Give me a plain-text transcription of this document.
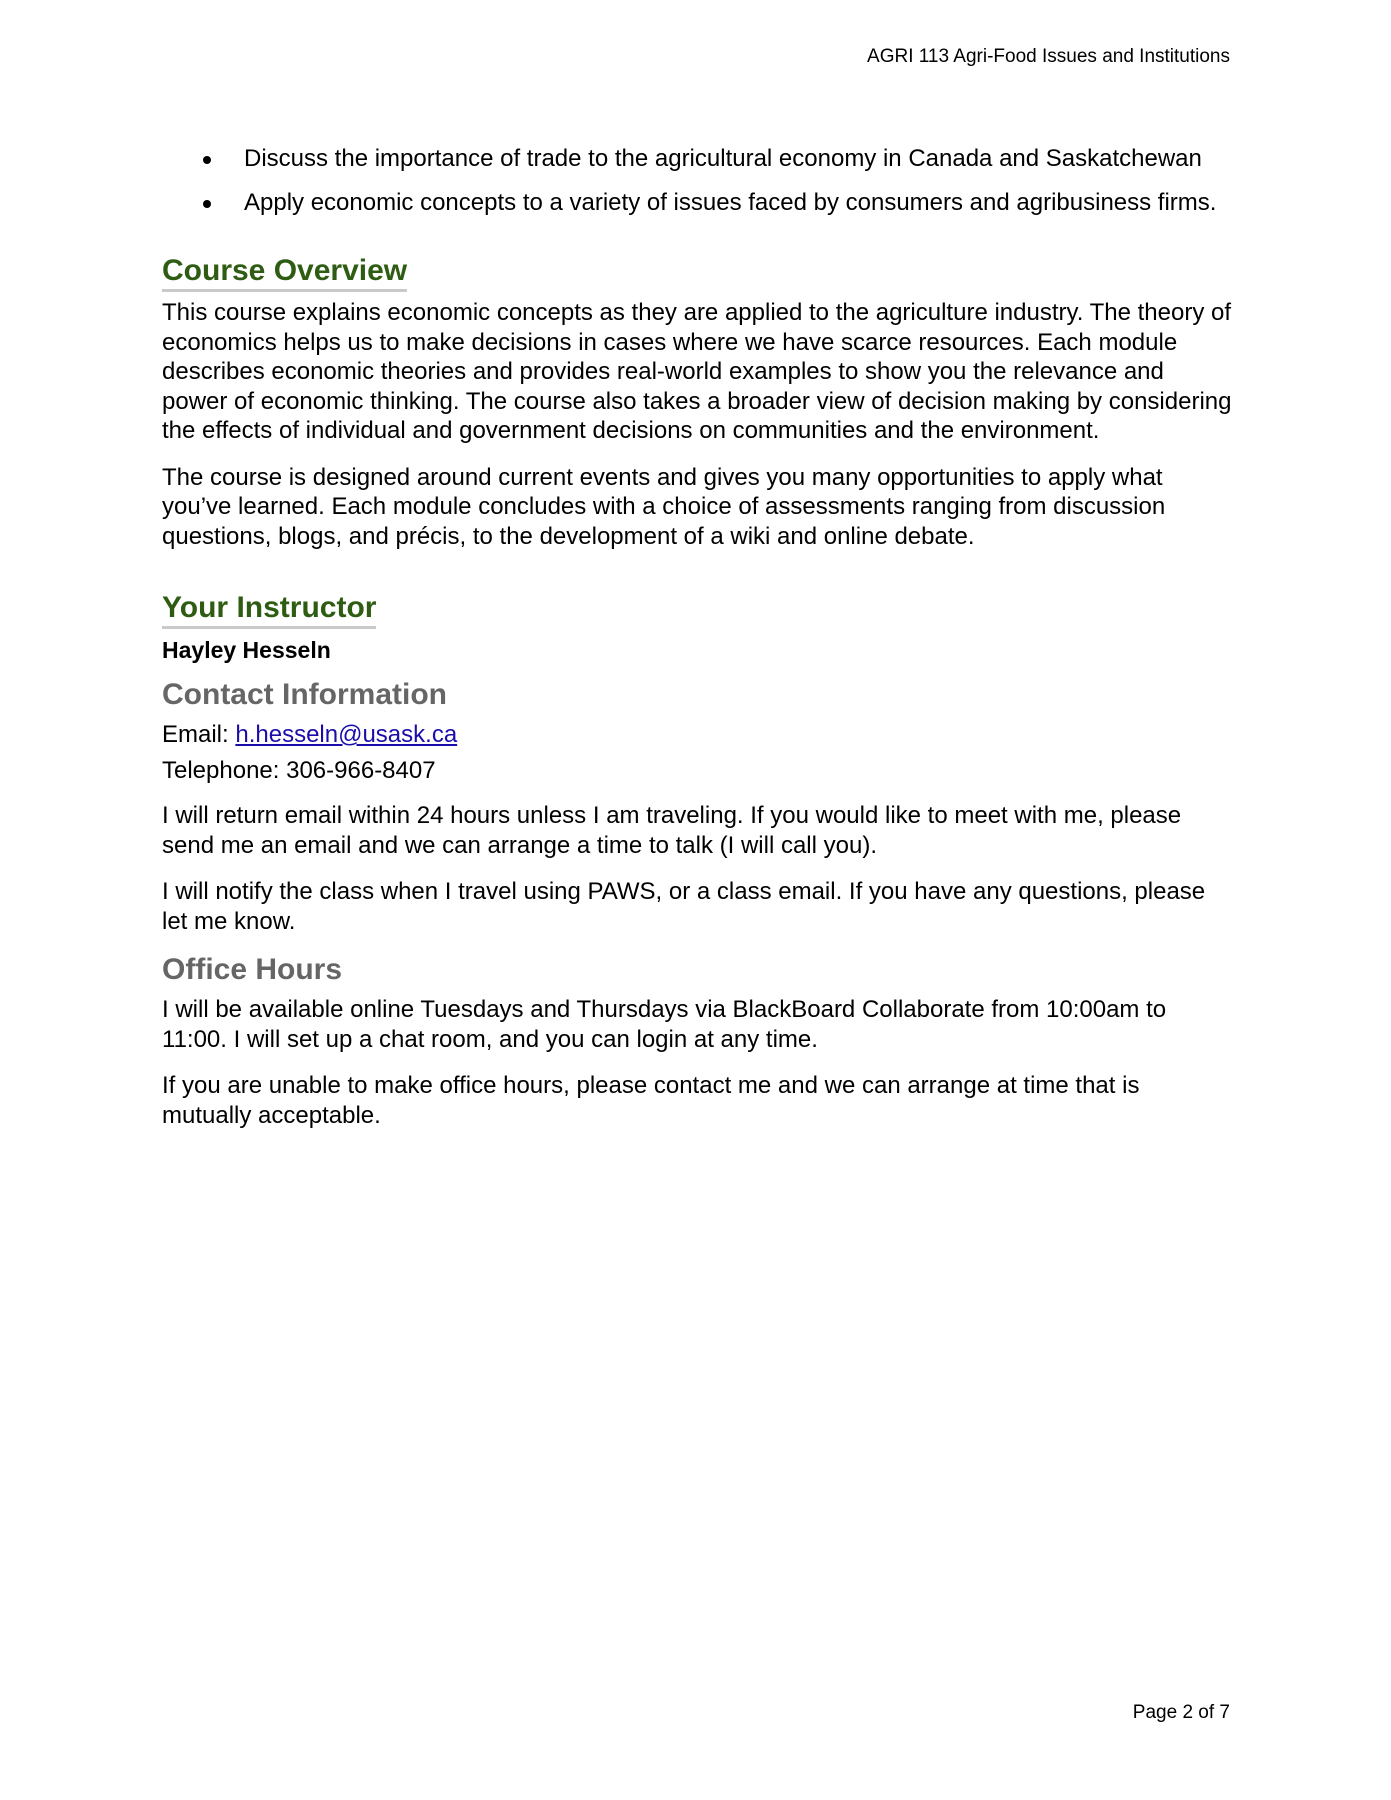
AGRI 113 Agri-Food Issues and Institutions
Discuss the importance of trade to the agricultural economy in Canada and Saskatchewan
Apply economic concepts to a variety of issues faced by consumers and agribusiness firms.
Course Overview

This course explains economic concepts as they are applied to the agriculture industry. The theory of economics helps us to make decisions in cases where we have scarce resources. Each module describes economic theories and provides real-world examples to show you the relevance and power of economic thinking. The course also takes a broader view of decision making by considering the effects of individual and government decisions on communities and the environment.

The course is designed around current events and gives you many opportunities to apply what you’ve learned. Each module concludes with a choice of assessments ranging from discussion questions, blogs, and précis, to the development of a wiki and online debate.

Your Instructor
Hayley Hesseln
Contact Information
Email: h.hesseln@usask.ca
Telephone: 306-966-8407

I will return email within 24 hours unless I am traveling. If you would like to meet with me, please send me an email and we can arrange a time to talk (I will call you).

I will notify the class when I travel using PAWS, or a class email. If you have any questions, please let me know.

Office Hours

I will be available online Tuesdays and Thursdays via BlackBoard Collaborate from 10:00am to 11:00. I will set up a chat room, and you can login at any time.

If you are unable to make office hours, please contact me and we can arrange at time that is mutually acceptable.

Page 2 of 7
